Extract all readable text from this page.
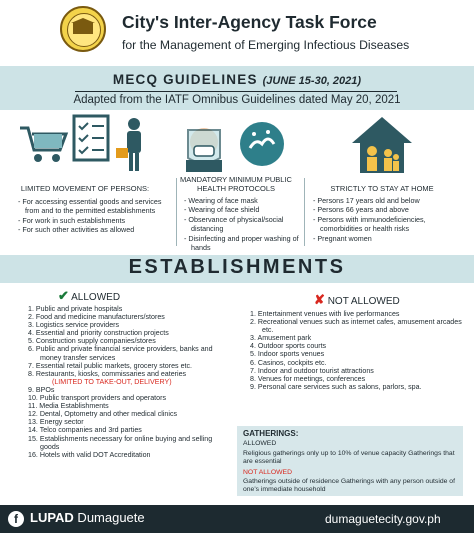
City's Inter-Agency Task Force
for the Management of Emerging Infectious Diseases
MECQ GUIDELINES (JUNE 15-30, 2021)
Adapted from the IATF Omnibus Guidelines dated May 20, 2021
LIMITED MOVEMENT OF PERSONS:
- For accessing essential goods and services from and to the permitted establishments
- For work in such establishments
- For such other activities as allowed
MANDATORY MINIMUM PUBLIC HEALTH PROTOCOLS
- Wearing of face mask
- Wearing of face shield
- Observance of physical/social distancing
- Disinfecting and proper washing of hands
STRICTLY TO STAY AT HOME
- Persons 17 years old and below
- Persons 66 years and above
- Persons with immunodeficiencies, comorbidities or health risks
- Pregnant women
ESTABLISHMENTS
✔ ALLOWED
1. Public and private hospitals
2. Food and medicine manufacturers/stores
3. Logistics service providers
4. Essential and priority construction projects
5. Construction supply companies/stores
6. Public and private financial service providers, banks and money transfer services
7. Essential retail public markets, grocery stores etc.
8. Restaurants, kiosks, commissaries and eateries
(LIMITED TO TAKE-OUT, DELIVERY)
9. BPOs
10. Public transport providers and operators
11. Media Establishments
12. Dental, Optometry and other medical clinics
13. Energy sector
14. Telco companies and 3rd parties
15. Establishments necessary for online buying and selling goods
16. Hotels with valid DOT Accreditation
✘ NOT ALLOWED
1. Entertainment venues with live performances
2. Recreational venues such as internet cafes, amusement arcades etc.
3. Amusement park
4. Outdoor sports courts
5. Indoor sports venues
6. Casinos, cockpits etc.
7. Indoor and outdoor tourist attractions
8. Venues for meetings, conferences
9. Personal care services such as salons, parlors, spa.
GATHERINGS:
ALLOWED
Religious gatherings only up to 10% of venue capacity Gatherings that are essential
NOT ALLOWED
Gatherings outside of residence Gatherings with any person outside of one's immediate household
f LUPAD Dumaguete	dumaguetecity.gov.ph
